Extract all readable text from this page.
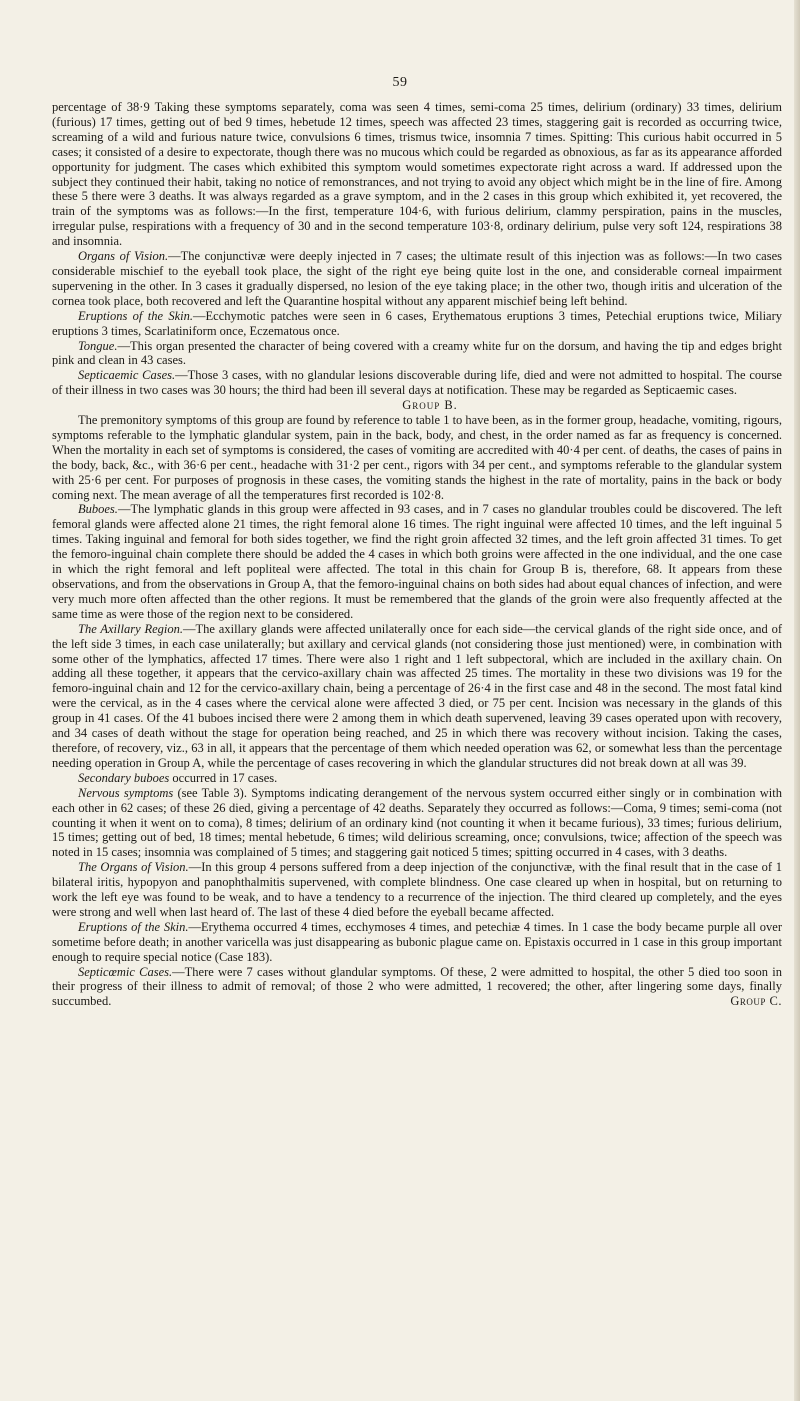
59

percentage of 38·9 Taking these symptoms separately, coma was seen 4 times, semi-coma 25 times, delirium (ordinary) 33 times, delirium (furious) 17 times, getting out of bed 9 times, hebetude 12 times, speech was affected 23 times, staggering gait is recorded as occurring twice, screaming of a wild and furious nature twice, convulsions 6 times, trismus twice, insomnia 7 times. Spitting: This curious habit occurred in 5 cases; it consisted of a desire to expectorate, though there was no mucous which could be regarded as obnoxious, as far as its appearance afforded opportunity for judgment. The cases which exhibited this symptom would sometimes expectorate right across a ward. If addressed upon the subject they continued their habit, taking no notice of remonstrances, and not trying to avoid any object which might be in the line of fire. Among these 5 there were 3 deaths. It was always regarded as a grave symptom, and in the 2 cases in this group which exhibited it, yet recovered, the train of the symptoms was as follows:—In the first, temperature 104·6, with furious delirium, clammy perspiration, pains in the muscles, irregular pulse, respirations with a frequency of 30 and in the second temperature 103·8, ordinary delirium, pulse very soft 124, respirations 38 and insomnia.

Organs of Vision.—The conjunctivæ were deeply injected in 7 cases; the ultimate result of this injection was as follows:—In two cases considerable mischief to the eyeball took place, the sight of the right eye being quite lost in the one, and considerable corneal impairment supervening in the other. In 3 cases it gradually dispersed, no lesion of the eye taking place; in the other two, though iritis and ulceration of the cornea took place, both recovered and left the Quarantine hospital without any apparent mischief being left behind.

Eruptions of the Skin.—Ecchymotic patches were seen in 6 cases, Erythematous eruptions 3 times, Petechial eruptions twice, Miliary eruptions 3 times, Scarlatiniform once, Eczematous once.

Tongue.—This organ presented the character of being covered with a creamy white fur on the dorsum, and having the tip and edges bright pink and clean in 43 cases.

Septicaemic Cases.—Those 3 cases, with no glandular lesions discoverable during life, died and were not admitted to hospital. The course of their illness in two cases was 30 hours; the third had been ill several days at notification. These may be regarded as Septicaemic cases.

Group B.

The premonitory symptoms of this group are found by reference to table 1 to have been, as in the former group, headache, vomiting, rigours, symptoms referable to the lymphatic glandular system, pain in the back, body, and chest, in the order named as far as frequency is concerned. When the mortality in each set of symptoms is considered, the cases of vomiting are accredited with 40·4 per cent. of deaths, the cases of pains in the body, back, &c., with 36·6 per cent., headache with 31·2 per cent., rigors with 34 per cent., and symptoms referable to the glandular system with 25·6 per cent. For purposes of prognosis in these cases, the vomiting stands the highest in the rate of mortality, pains in the back or body coming next. The mean average of all the temperatures first recorded is 102·8.

Buboes.—The lymphatic glands in this group were affected in 93 cases, and in 7 cases no glandular troubles could be discovered. The left femoral glands were affected alone 21 times, the right femoral alone 16 times. The right inguinal were affected 10 times, and the left inguinal 5 times. Taking inguinal and femoral for both sides together, we find the right groin affected 32 times, and the left groin affected 31 times. To get the femoro-inguinal chain complete there should be added the 4 cases in which both groins were affected in the one individual, and the one case in which the right femoral and left popliteal were affected. The total in this chain for Group B is, therefore, 68. It appears from these observations, and from the observations in Group A, that the femoro-inguinal chains on both sides had about equal chances of infection, and were very much more often affected than the other regions. It must be remembered that the glands of the groin were also frequently affected at the same time as were those of the region next to be considered.

The Axillary Region.—The axillary glands were affected unilaterally once for each side—the cervical glands of the right side once, and of the left side 3 times, in each case unilaterally; but axillary and cervical glands (not considering those just mentioned) were, in combination with some other of the lymphatics, affected 17 times. There were also 1 right and 1 left subpectoral, which are included in the axillary chain. On adding all these together, it appears that the cervico-axillary chain was affected 25 times. The mortality in these two divisions was 19 for the femoro-inguinal chain and 12 for the cervico-axillary chain, being a percentage of 26·4 in the first case and 48 in the second. The most fatal kind were the cervical, as in the 4 cases where the cervical alone were affected 3 died, or 75 per cent. Incision was necessary in the glands of this group in 41 cases. Of the 41 buboes incised there were 2 among them in which death supervened, leaving 39 cases operated upon with recovery, and 34 cases of death without the stage for operation being reached, and 25 in which there was recovery without incision. Taking the cases, therefore, of recovery, viz., 63 in all, it appears that the percentage of them which needed operation was 62, or somewhat less than the percentage needing operation in Group A, while the percentage of cases recovering in which the glandular structures did not break down at all was 39.

Secondary buboes occurred in 17 cases.

Nervous symptoms (see Table 3). Symptoms indicating derangement of the nervous system occurred either singly or in combination with each other in 62 cases; of these 26 died, giving a percentage of 42 deaths. Separately they occurred as follows:—Coma, 9 times; semi-coma (not counting it when it went on to coma), 8 times; delirium of an ordinary kind (not counting it when it became furious), 33 times; furious delirium, 15 times; getting out of bed, 18 times; mental hebetude, 6 times; wild delirious screaming, once; convulsions, twice; affection of the speech was noted in 15 cases; insomnia was complained of 5 times; and staggering gait noticed 5 times; spitting occurred in 4 cases, with 3 deaths.

The Organs of Vision.—In this group 4 persons suffered from a deep injection of the conjunctivæ, with the final result that in the case of 1 bilateral iritis, hypopyon and panophthalmitis supervened, with complete blindness. One case cleared up when in hospital, but on returning to work the left eye was found to be weak, and to have a tendency to a recurrence of the injection. The third cleared up completely, and the eyes were strong and well when last heard of. The last of these 4 died before the eyeball became affected.

Eruptions of the Skin.—Erythema occurred 4 times, ecchymoses 4 times, and petechiæ 4 times. In 1 case the body became purple all over sometime before death; in another varicella was just disappearing as bubonic plague came on. Epistaxis occurred in 1 case in this group important enough to require special notice (Case 183).

Septicœmic Cases.—There were 7 cases without glandular symptoms. Of these, 2 were admitted to hospital, the other 5 died too soon in their progress of their illness to admit of removal; of those 2 who were admitted, 1 recovered; the other, after lingering some days, finally succumbed.	Group C.
